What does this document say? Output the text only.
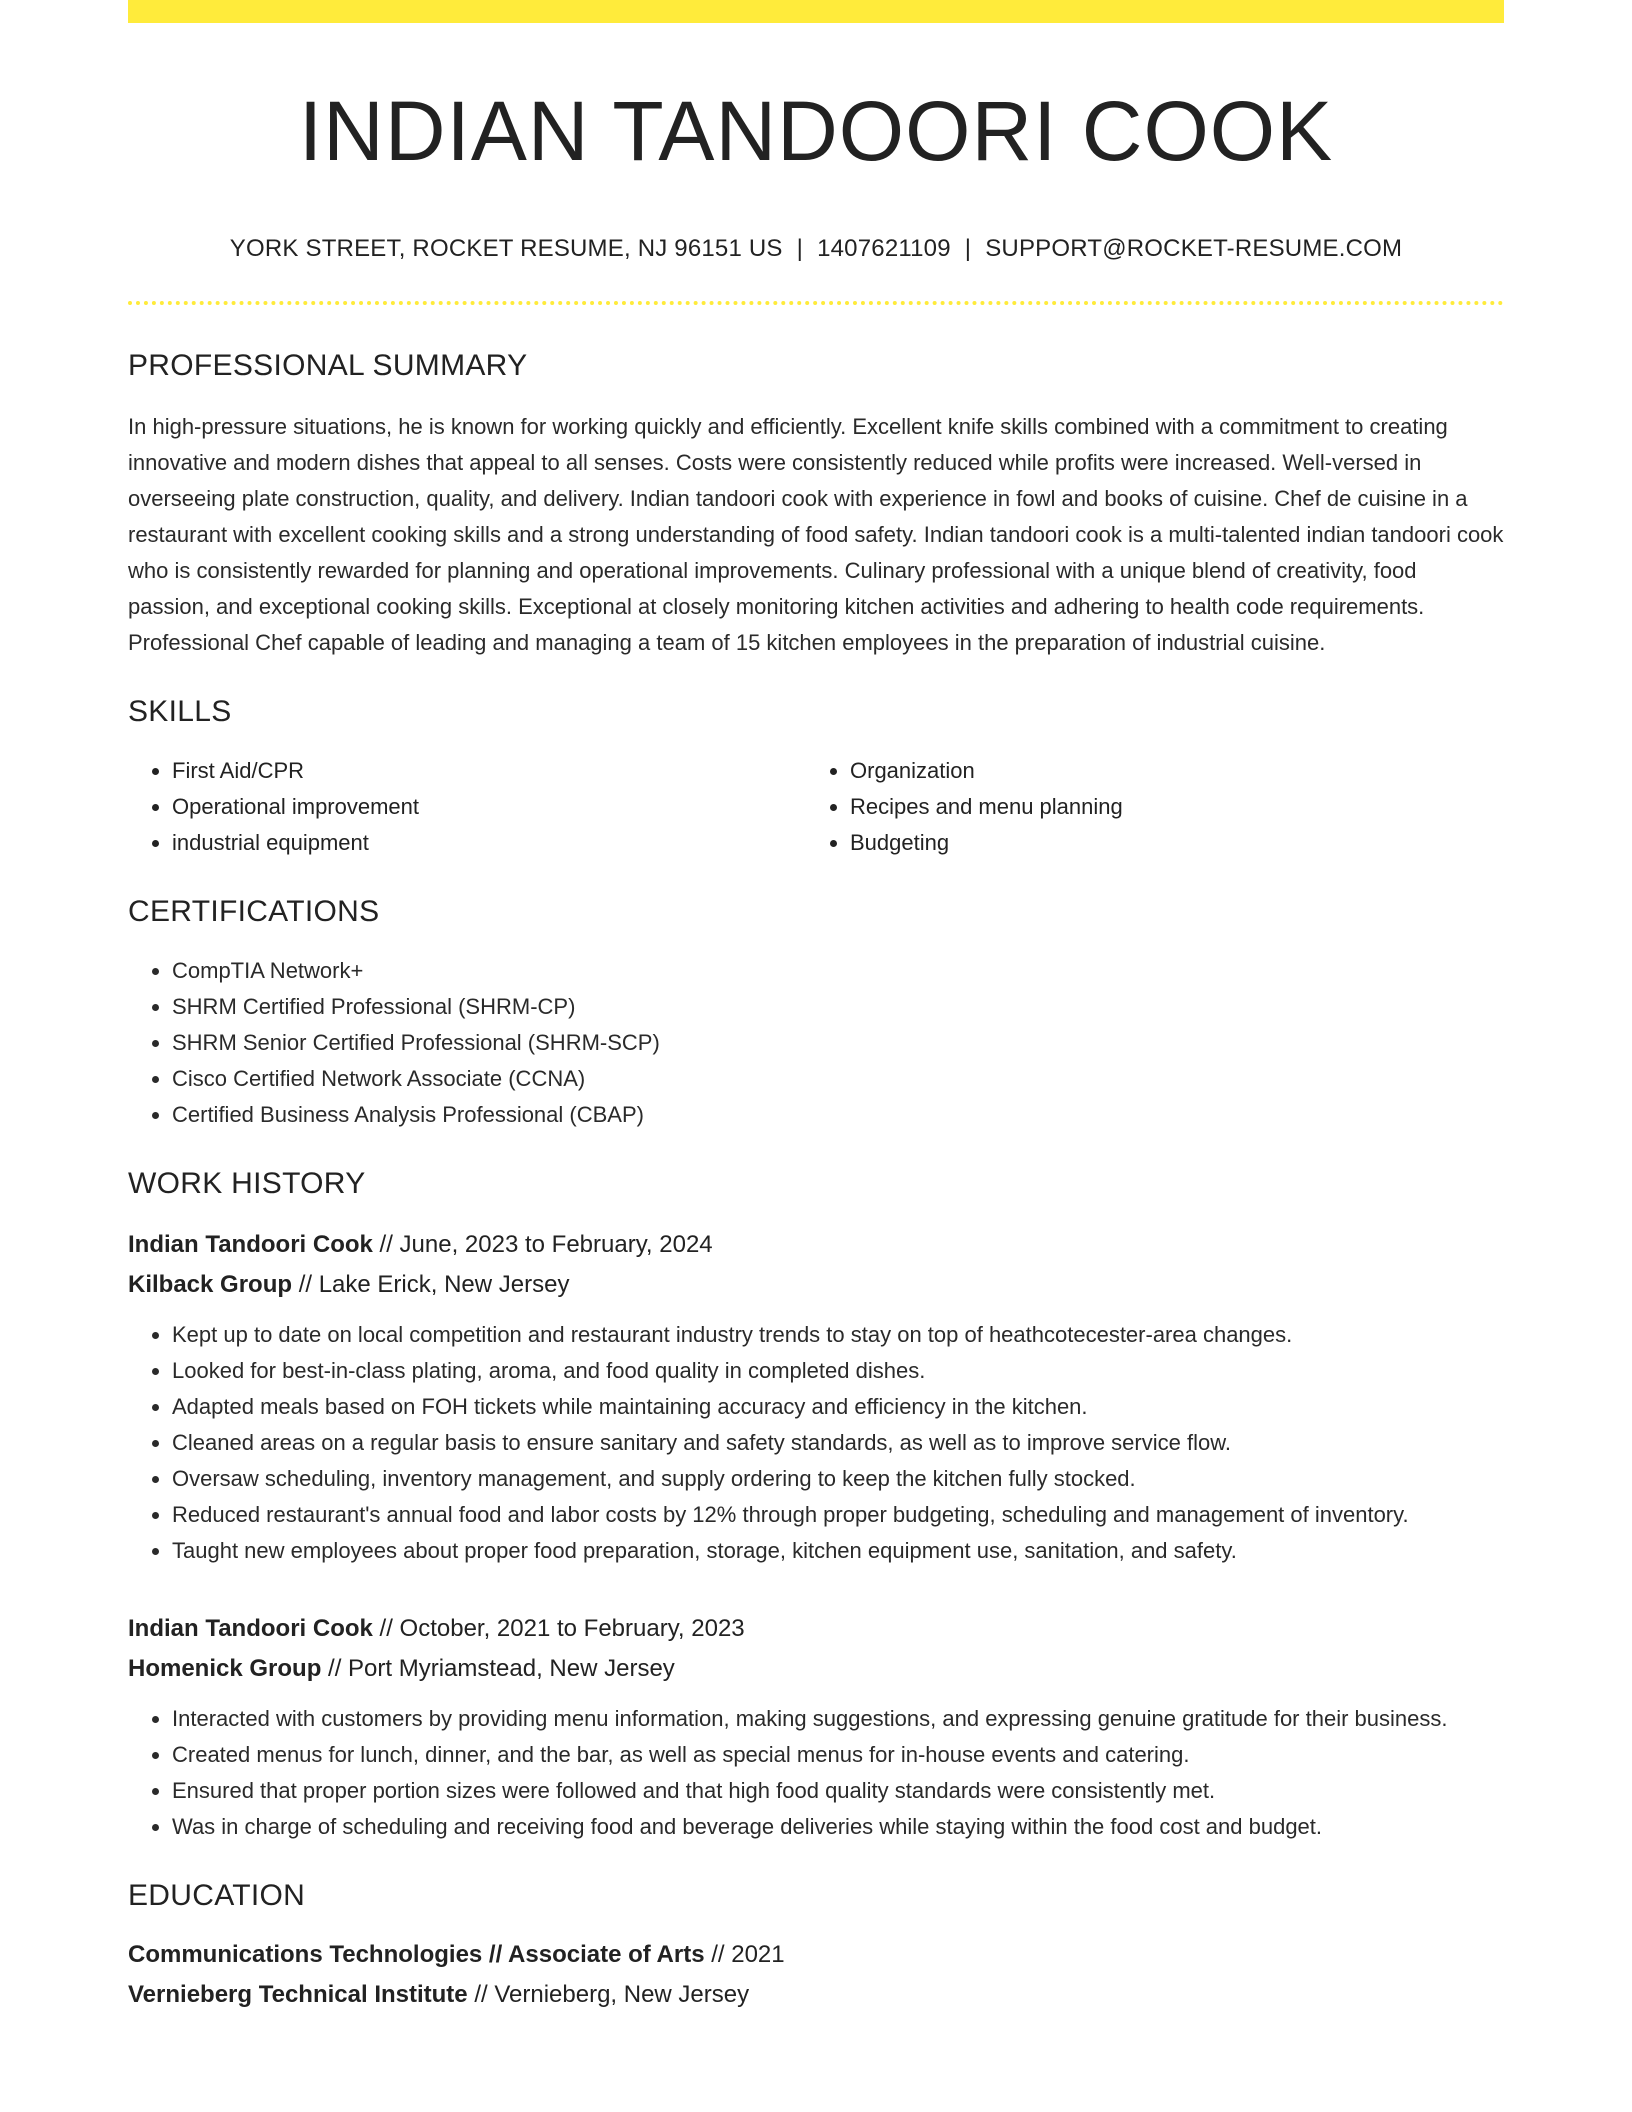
INDIAN TANDOORI COOK
YORK STREET, ROCKET RESUME, NJ 96151 US | 1407621109 | SUPPORT@ROCKET-RESUME.COM
PROFESSIONAL SUMMARY
In high-pressure situations, he is known for working quickly and efficiently. Excellent knife skills combined with a commitment to creating innovative and modern dishes that appeal to all senses. Costs were consistently reduced while profits were increased. Well-versed in overseeing plate construction, quality, and delivery. Indian tandoori cook with experience in fowl and books of cuisine. Chef de cuisine in a restaurant with excellent cooking skills and a strong understanding of food safety. Indian tandoori cook is a multi-talented indian tandoori cook who is consistently rewarded for planning and operational improvements. Culinary professional with a unique blend of creativity, food passion, and exceptional cooking skills. Exceptional at closely monitoring kitchen activities and adhering to health code requirements. Professional Chef capable of leading and managing a team of 15 kitchen employees in the preparation of industrial cuisine.
SKILLS
• First Aid/CPR
• Operational improvement
• industrial equipment
• Organization
• Recipes and menu planning
• Budgeting
CERTIFICATIONS
• CompTIA Network+
• SHRM Certified Professional (SHRM-CP)
• SHRM Senior Certified Professional (SHRM-SCP)
• Cisco Certified Network Associate (CCNA)
• Certified Business Analysis Professional (CBAP)
WORK HISTORY
Indian Tandoori Cook // June, 2023 to February, 2024
Kilback Group // Lake Erick, New Jersey
• Kept up to date on local competition and restaurant industry trends to stay on top of heathcotecester-area changes.
• Looked for best-in-class plating, aroma, and food quality in completed dishes.
• Adapted meals based on FOH tickets while maintaining accuracy and efficiency in the kitchen.
• Cleaned areas on a regular basis to ensure sanitary and safety standards, as well as to improve service flow.
• Oversaw scheduling, inventory management, and supply ordering to keep the kitchen fully stocked.
• Reduced restaurant's annual food and labor costs by 12% through proper budgeting, scheduling and management of inventory.
• Taught new employees about proper food preparation, storage, kitchen equipment use, sanitation, and safety.
Indian Tandoori Cook // October, 2021 to February, 2023
Homenick Group // Port Myriamstead, New Jersey
• Interacted with customers by providing menu information, making suggestions, and expressing genuine gratitude for their business.
• Created menus for lunch, dinner, and the bar, as well as special menus for in-house events and catering.
• Ensured that proper portion sizes were followed and that high food quality standards were consistently met.
• Was in charge of scheduling and receiving food and beverage deliveries while staying within the food cost and budget.
EDUCATION
Communications Technologies // Associate of Arts // 2021
Vernieberg Technical Institute // Vernieberg, New Jersey
